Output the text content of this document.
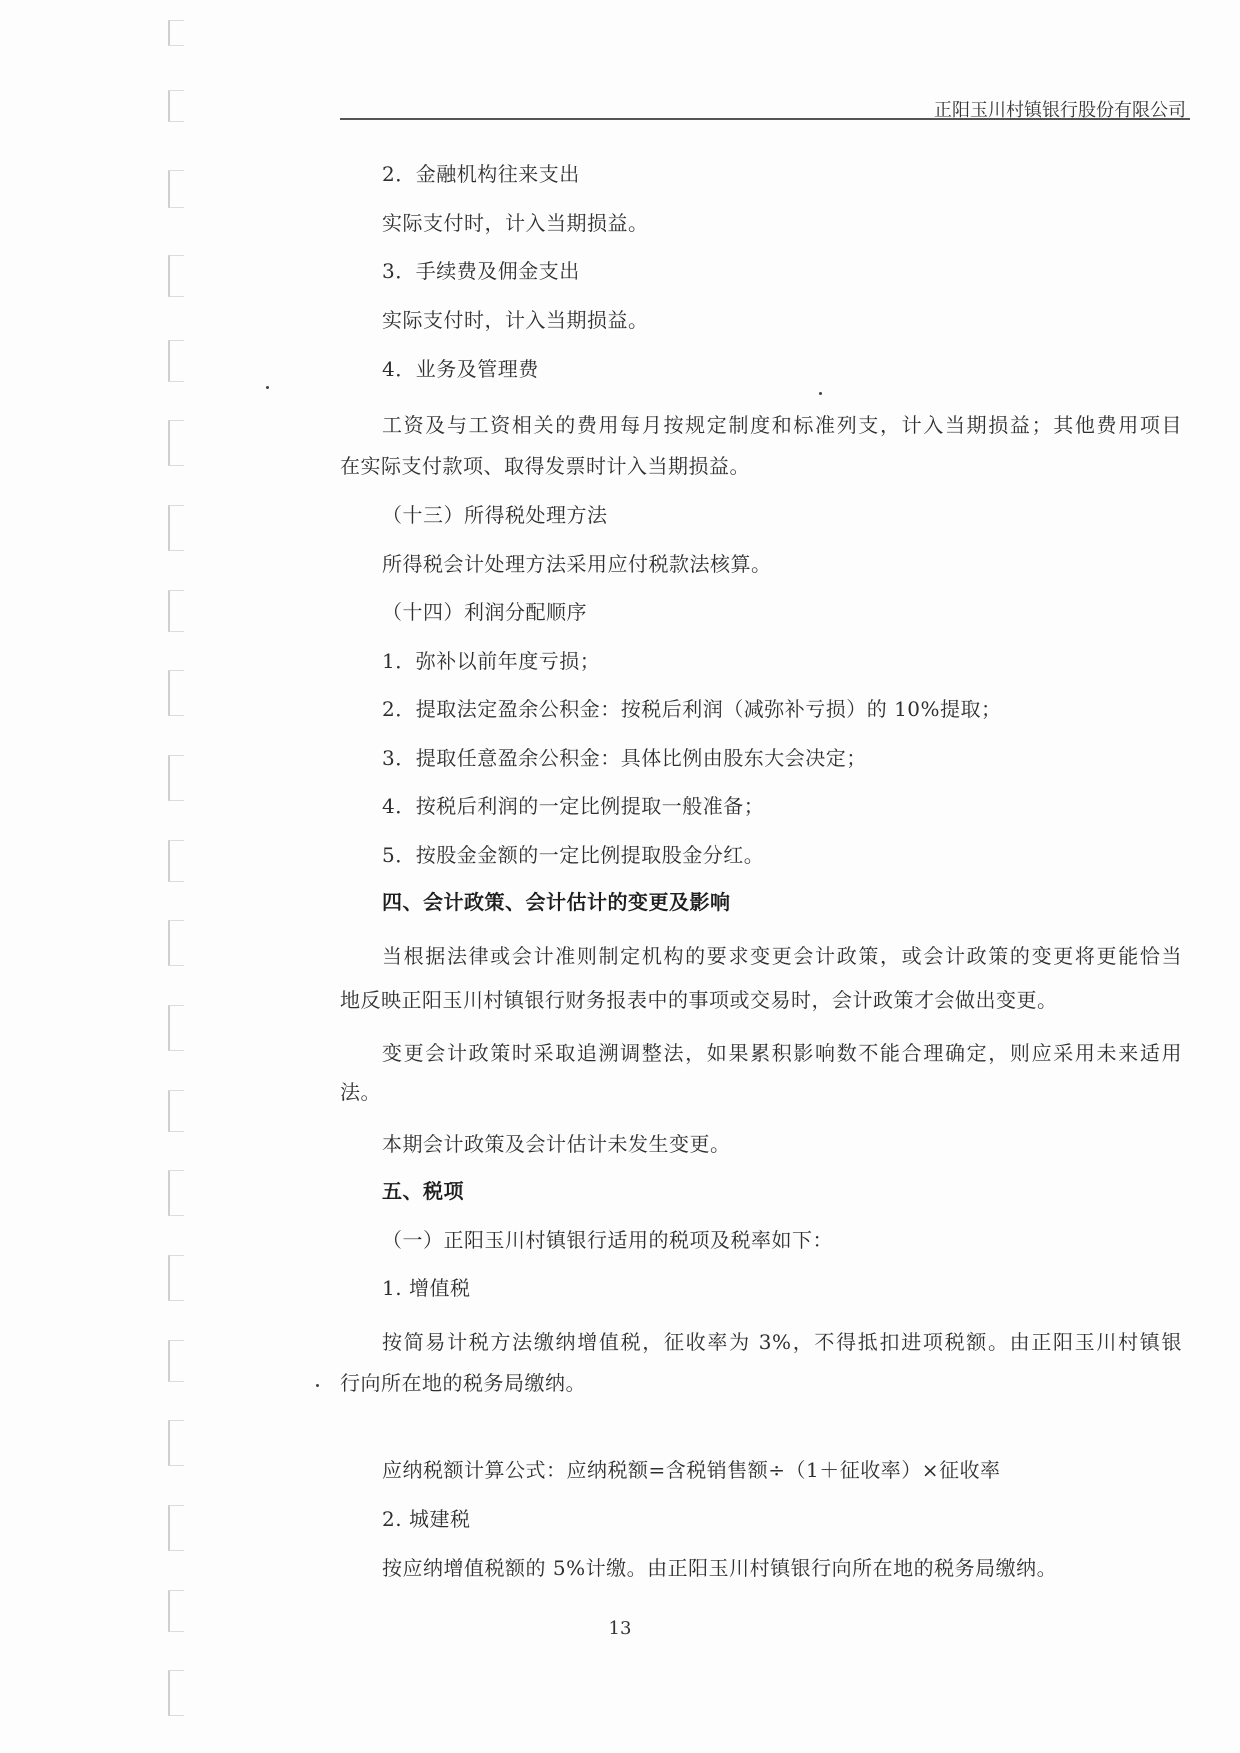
正阳玉川村镇银行股份有限公司
2．金融机构往来支出
实际支付时，计入当期损益。
3．手续费及佣金支出
实际支付时，计入当期损益。
4．业务及管理费
工资及与工资相关的费用每月按规定制度和标准列支，计入当期损益；其他费用项目
在实际支付款项、取得发票时计入当期损益。
（十三）所得税处理方法
所得税会计处理方法采用应付税款法核算。
（十四）利润分配顺序
1．弥补以前年度亏损；
2．提取法定盈余公积金：按税后利润（减弥补亏损）的 10%提取；
3．提取任意盈余公积金：具体比例由股东大会决定；
4．按税后利润的一定比例提取一般准备；
5．按股金金额的一定比例提取股金分红。
四、会计政策、会计估计的变更及影响
当根据法律或会计准则制定机构的要求变更会计政策，或会计政策的变更将更能恰当
地反映正阳玉川村镇银行财务报表中的事项或交易时，会计政策才会做出变更。
变更会计政策时采取追溯调整法，如果累积影响数不能合理确定，则应采用未来适用
法。
本期会计政策及会计估计未发生变更。
五、税项
（一）正阳玉川村镇银行适用的税项及税率如下：
1. 增值税
按简易计税方法缴纳增值税，征收率为 3%，不得抵扣进项税额。由正阳玉川村镇银
行向所在地的税务局缴纳。
应纳税额计算公式：应纳税额=含税销售额÷（1＋征收率）×征收率
2. 城建税
按应纳增值税额的 5%计缴。由正阳玉川村镇银行向所在地的税务局缴纳。
13
